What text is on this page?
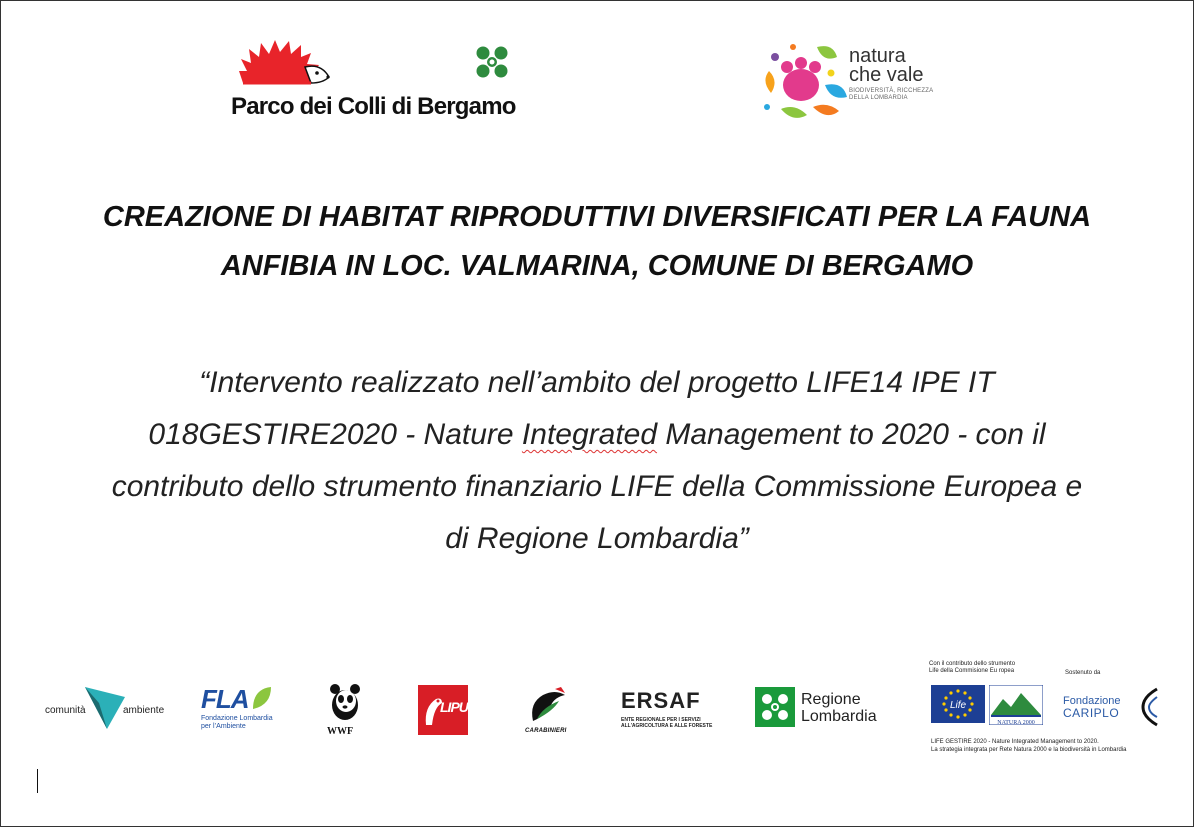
Parco dei Colli di Bergamo
natura
che vale
BIODIVERSITÀ, RICCHEZZA
DELLA LOMBARDIA
CREAZIONE DI HABITAT RIPRODUTTIVI DIVERSIFICATI PER LA FAUNA
ANFIBIA IN LOC. VALMARINA, COMUNE DI BERGAMO
“Intervento realizzato nell’ambito del progetto LIFE14 IPE IT
018GESTIRE2020 - Nature Integrated Management to 2020 - con il
contributo dello strumento finanziario LIFE della Commissione Europea e
di Regione Lombardia”
comunità	ambiente FLA
Fondazione Lombardia
per l’Ambiente	WWF
LIPU
CARABINIERI
ERSAF
ENTE REGIONALE PER I SERVIZI
ALL'AGRICOLTURA E ALLE FORESTE
Regione
Lombardia
Con il contributo dello strumento
Life della Commisione Eu ropea
Life
NATURA 2000
Sostenuto da
Fondazione
CARIPLO
LIFE GESTIRE 2020 - Nature Integrated Management to 2020.
La strategia integrata per Rete Natura 2000 e la biodiversità in Lombardia
